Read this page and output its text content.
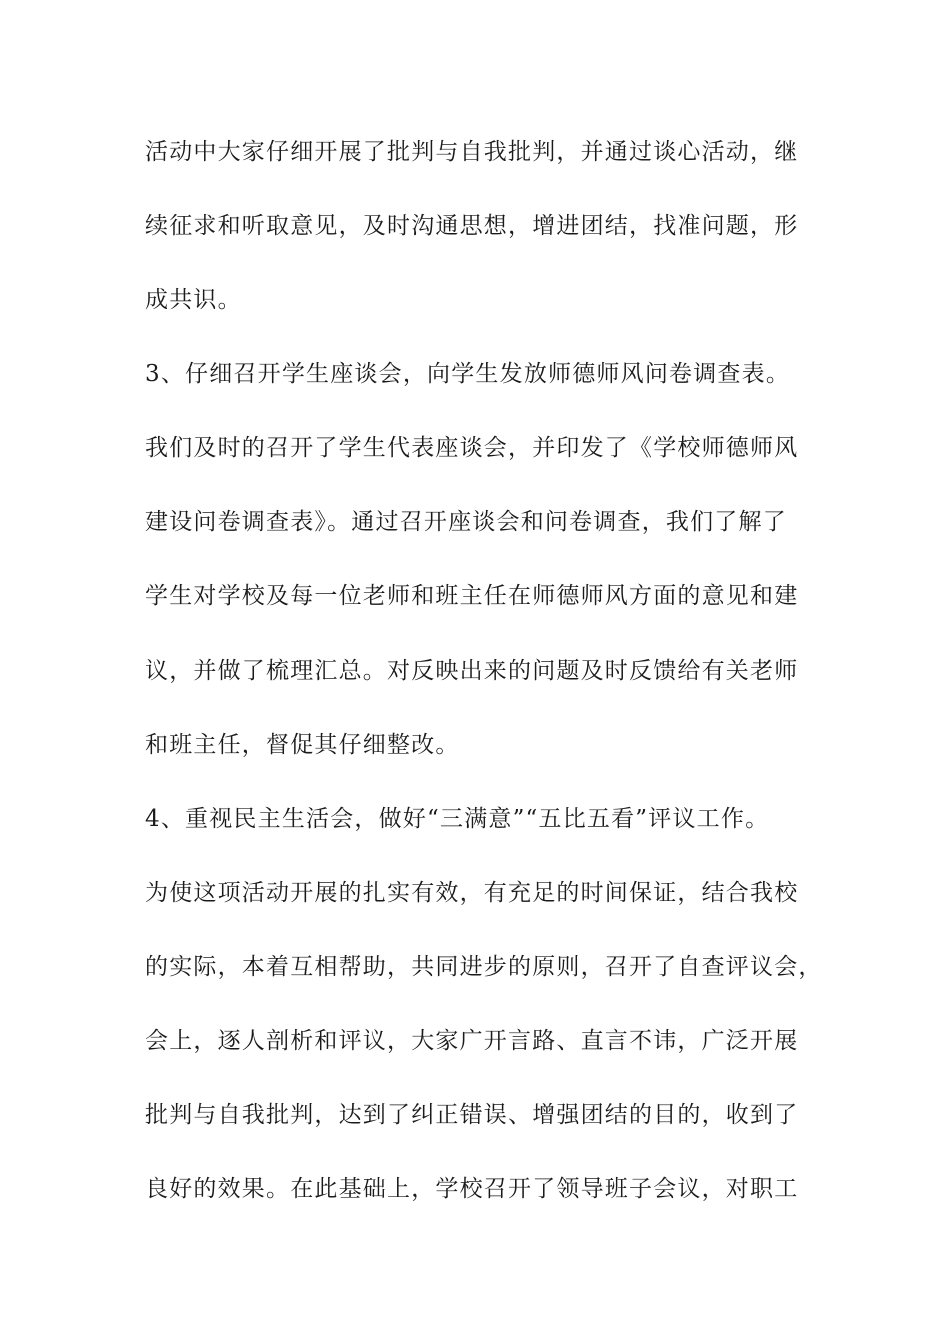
活动中大家仔细开展了批判与自我批判，并通过谈心活动，继
续征求和听取意见，及时沟通思想，增进团结，找准问题，形
成共识。
3、仔细召开学生座谈会，向学生发放师德师风问卷调查表。
我们及时的召开了学生代表座谈会，并印发了《学校师德师风
建设问卷调查表》。通过召开座谈会和问卷调查，我们了解了
学生对学校及每一位老师和班主任在师德师风方面的意见和建
议，并做了梳理汇总。对反映出来的问题及时反馈给有关老师
和班主任，督促其仔细整改。
4、重视民主生活会，做好“三满意”“五比五看”评议工作。
为使这项活动开展的扎实有效，有充足的时间保证，结合我校
的实际，本着互相帮助，共同进步的原则，召开了自查评议会，
会上，逐人剖析和评议，大家广开言路、直言不讳，广泛开展
批判与自我批判，达到了纠正错误、增强团结的目的，收到了
良好的效果。在此基础上，学校召开了领导班子会议，对职工
